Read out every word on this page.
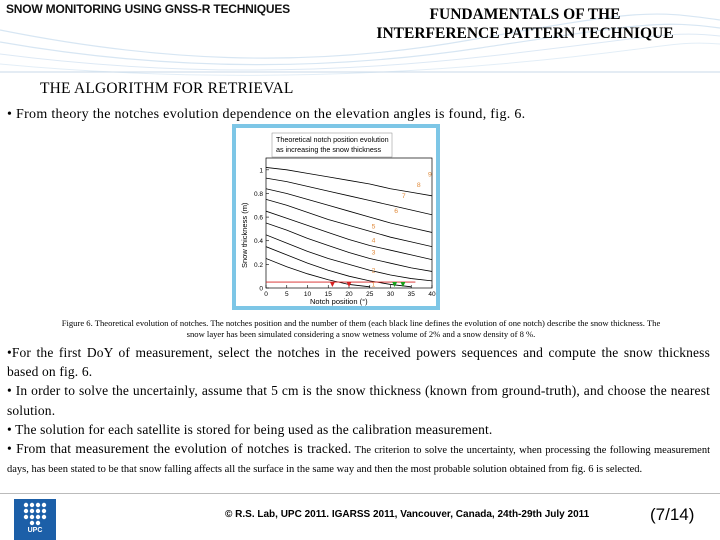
SNOW MONITORING USING GNSS-R TECHNIQUES	FUNDAMENTALS OF THE
INTERFERENCE PATTERN TECHNIQUE
THE ALGORITHM FOR RETRIEVAL
• From theory the notches evolution dependence on the elevation angles is found, fig. 6.
Theoretical notch position evolution
as increasing the snow thickness
0
0.2
0.4
0.6
0.8
1
0	5 10 15 20 25 30 35 40
1
2
3
4
5
6
7
8
9
Snow thickness (m)
Notch position (°)
Figure 6. Theoretical evolution of notches. The notches position and the number of them (each black line defines the evolution of one notch) describe the snow thickness. The
snow layer has been simulated considering a snow wetness volume of 2% and a snow density of 8 %.
•For the first DoY of measurement, select the notches in the received powers sequences and compute the snow thickness based on fig. 6.
• In order to solve the uncertainly, assume that 5 cm is the snow thickness (known from ground-truth), and choose the nearest solution.
• The solution for each satellite is stored for being used as the calibration measurement.
• From that measurement the evolution of notches is tracked. The criterion to solve the uncertainty, when processing the following measurement days, has been stated to be that snow falling affects all the surface in the same way and then the most probable solution obtained from fig. 6 is selected.
UPC
© R.S. Lab, UPC 2011. IGARSS 2011, Vancouver, Canada, 24th-29th July 2011	(7/14)
